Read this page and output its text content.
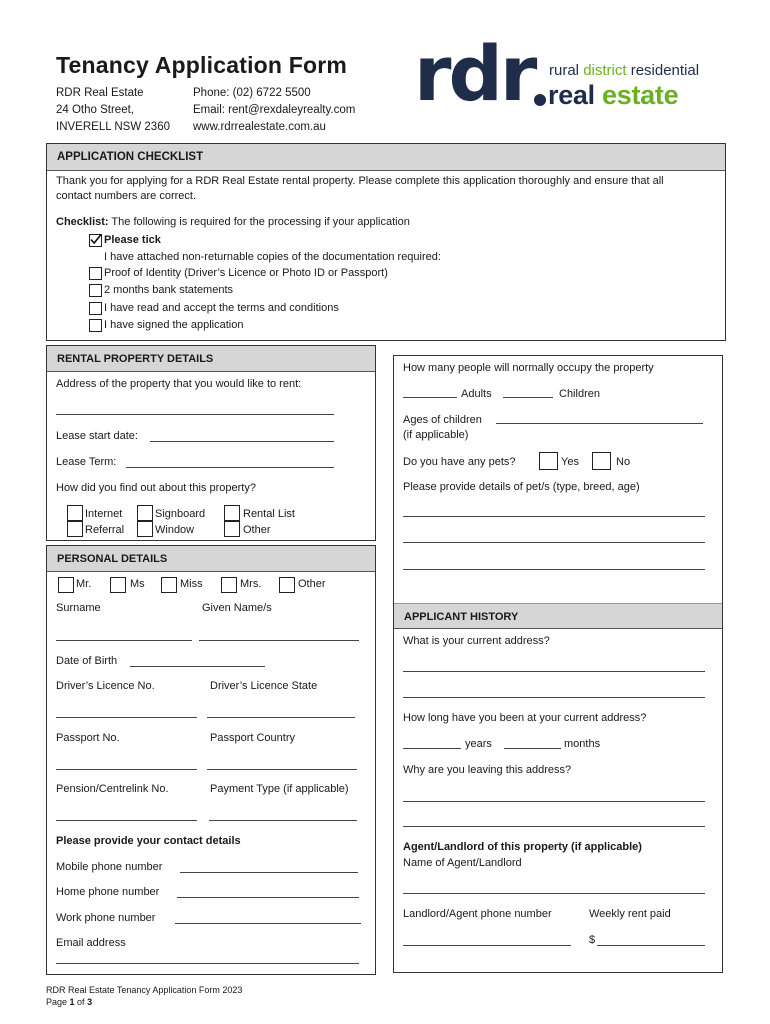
Tenancy Application Form
RDR Real Estate
24 Otho Street,
INVERELL NSW 2360
Phone: (02) 6722 5500
Email: rent@rexdaleyrealty.com
www.rdrrealestate.com.au
rdr rural district residential
real estate
APPLICATION CHECKLIST
Thank you for applying for a RDR Real Estate rental property. Please complete this application thoroughly and ensure that all
contact numbers are correct.
Checklist: The following is required for the processing if your application
Please tick
I have attached non-returnable copies of the documentation required:
Proof of Identity (Driver’s Licence or Photo ID or Passport)
2 months bank statements
I have read and accept the terms and conditions
I have signed the application
RENTAL PROPERTY DETAILS
Address of the property that you would like to rent:
Lease start date:
Lease Term:
How did you find out about this property?
Internet	Signboard	Rental List
Referral	Window	Other
PERSONAL DETAILS
Mr.	Ms	Miss	Mrs.	Other
Surname	Given Name/s
Date of Birth
Driver’s Licence No.	Driver’s Licence State
Passport No.	Passport Country
Pension/Centrelink No.	Payment Type (if applicable)
Please provide your contact details
Mobile phone number
Home phone number
Work phone number
Email address
How many people will normally occupy the property
Adults	Children
Ages of children
(if applicable)
Do you have any pets?	Yes	No
Please provide details of pet/s (type, breed, age)
APPLICANT HISTORY
What is your current address?
How long have you been at your current address?
years	months
Why are you leaving this address?
Agent/Landlord of this property (if applicable)
Name of Agent/Landlord
Landlord/Agent phone number	Weekly rent paid
$
RDR Real Estate Tenancy Application Form 2023
Page 1 of 3
